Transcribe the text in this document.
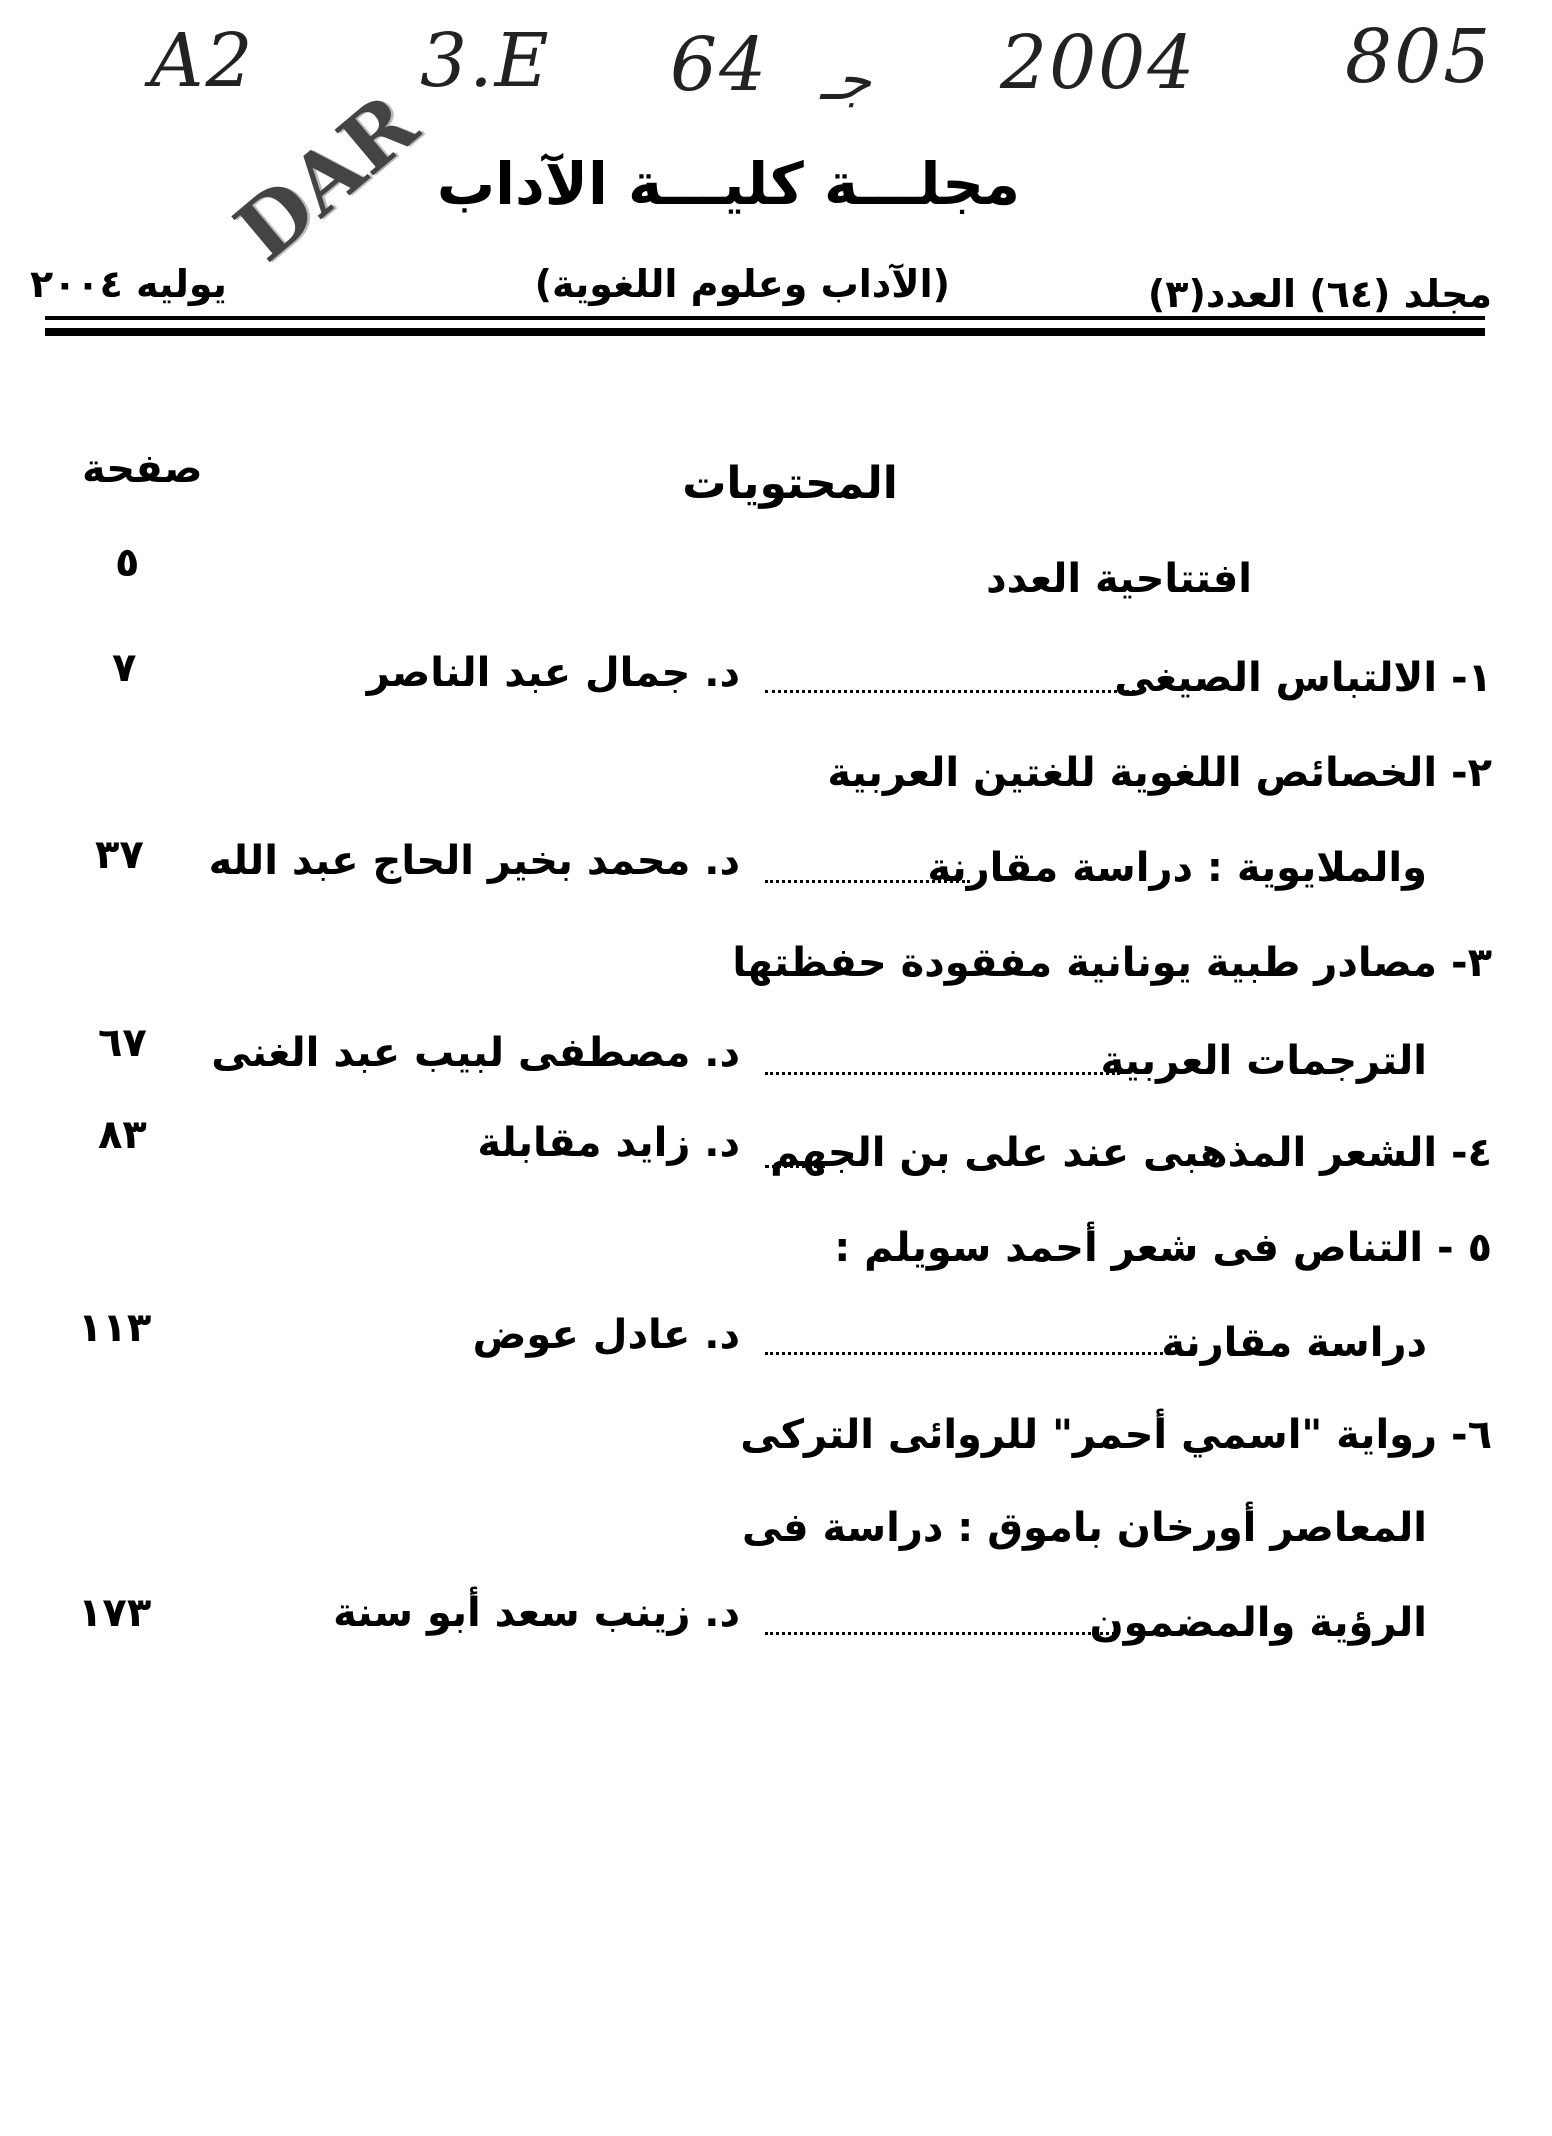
A2 3.E 64 جـ 2004 805
DAR مجلـــة كليـــة الآداب
مجلد (٦٤) العدد(٣)
(الآداب وعلوم اللغوية)
يوليه ٢٠٠٤
المحتويات
صفحة
افتتاحية العدد
٥
١- الالتباس الصيغى
د. جمال عبد الناصر
٧
٢- الخصائص اللغوية للغتين العربية
والملايوية : دراسة مقارنة
د. محمد بخير الحاج عبد الله
٣٧
٣- مصادر طبية يونانية مفقودة حفظتها
الترجمات العربية
د. مصطفى لبيب عبد الغنى
٦٧
٤- الشعر المذهبى عند على بن الجهم
د. زايد مقابلة
٨٣
٥ - التناص فى شعر أحمد سويلم :
دراسة مقارنة
د. عادل عوض
١١٣
٦- رواية "اسمي أحمر" للروائى التركى
المعاصر أورخان باموق : دراسة فى
الرؤية والمضمون
د. زينب سعد أبو سنة
١٧٣
